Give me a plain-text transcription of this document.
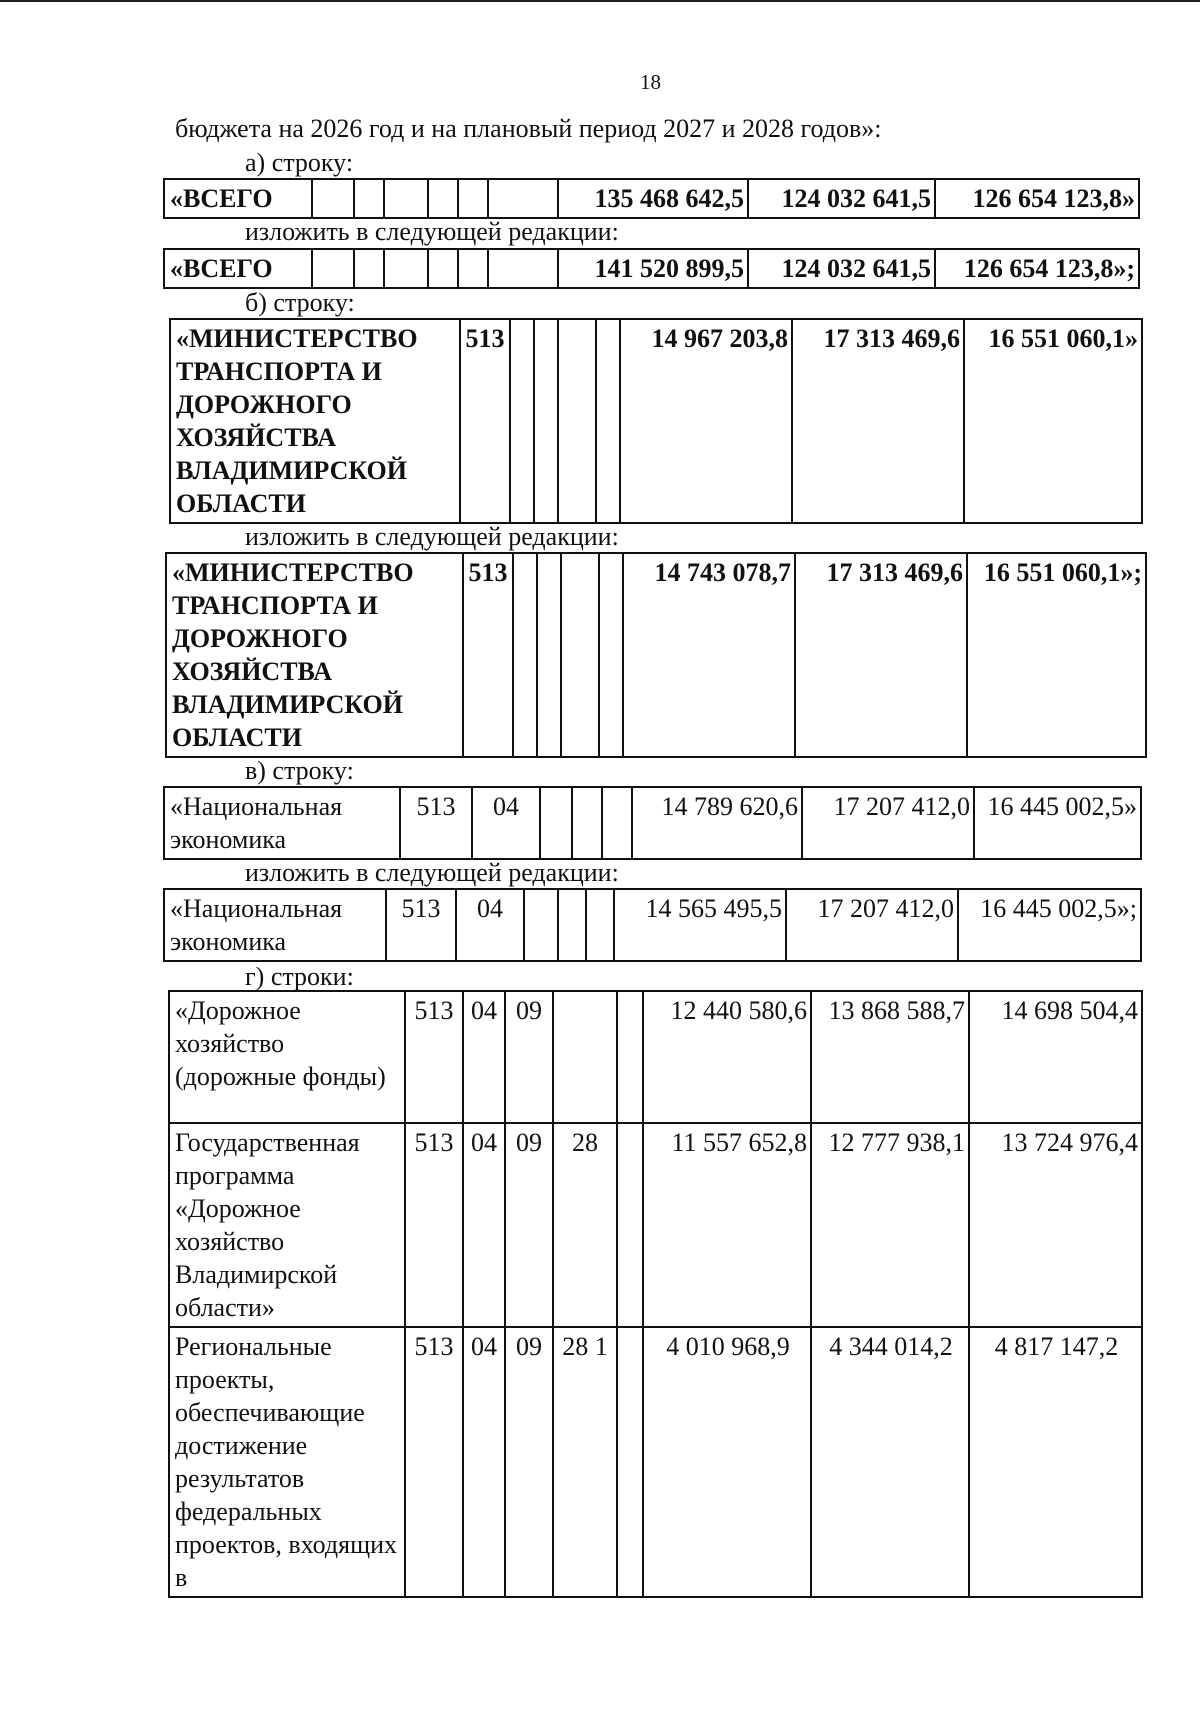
18
бюджета на 2026 год и на плановый период 2027 и 2028 годов»:
а) строку:
«ВСЕГО							135 468 642,5	124 032 641,5	126 654 123,8»
изложить в следующей редакции:
«ВСЕГО							141 520 899,5	124 032 641,5	126 654 123,8»;
б) строку:
«МИНИСТЕРСТВО ТРАНСПОРТА И ДОРОЖНОГО ХОЗЯЙСТВА ВЛАДИМИРСКОЙ ОБЛАСТИ	513					14 967 203,8	17 313 469,6	16 551 060,1»
изложить в следующей редакции:
«МИНИСТЕРСТВО ТРАНСПОРТА И ДОРОЖНОГО ХОЗЯЙСТВА ВЛАДИМИРСКОЙ ОБЛАСТИ	513					14 743 078,7	17 313 469,6	16 551 060,1»;
в) строку:
«Национальная экономика	513	04				14 789 620,6	17 207 412,0	16 445 002,5»
изложить в следующей редакции:
«Национальная экономика	513	04				14 565 495,5	17 207 412,0	16 445 002,5»;
г) строки:
«Дорожное хозяйство (дорожные фонды)	513	04	09			12 440 580,6	13 868 588,7	14 698 504,4
Государственная программа «Дорожное хозяйство Владимирской области»	513	04	09	28		11 557 652,8	12 777 938,1	13 724 976,4
Региональные проекты, обеспечивающие достижение результатов федеральных проектов, входящих в	513	04	09	28 1		4 010 968,9	4 344 014,2	4 817 147,2
